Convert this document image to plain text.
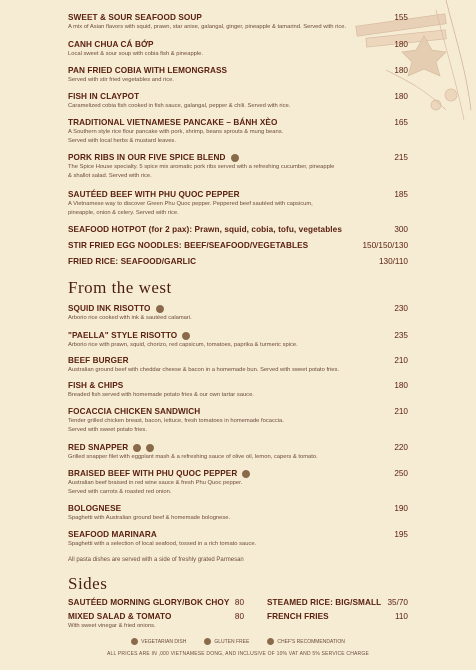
SWEET & SOUR SEAFOOD SOUP	155
A mix of Asian flavors with squid, prawn, star anise, galangal, ginger, pineapple & tamarind. Served with rice.
CANH CHUA CÁ BỚP	180
Local sweet & sour soup with cobia fish & pineapple.
PAN FRIED COBIA WITH LEMONGRASS	180
Served with stir fried vegetables and rice.
FISH IN CLAYPOT	180
Caramelized cobia fish cooked in fish sauce, galangal, pepper & chili. Served with rice.
TRADITIONAL VIETNAMESE PANCAKE – BÁNH XÈO	165
A Southern style rice flour pancake with pork, shrimp, beans sprouts & mung beans.
Served with local herbs & mustard leaves.
PORK RIBS IN OUR FIVE SPICE BLEND	215
The Spice House specialty. 5 spice mix aromatic pork ribs served with a refreshing cucumber, pineapple
& shallot salad. Served with rice.
SAUTÉED BEEF WITH PHU QUOC PEPPER	185
A Vietnamese way to discover Green Phu Quoc pepper. Peppered beef sautéed with capsicum,
pineapple, onion & celery. Served with rice.
SEAFOOD HOTPOT (for 2 pax): Prawn, squid, cobia, tofu, vegetables	300
STIR FRIED EGG NOODLES: BEEF/SEAFOOD/VEGETABLES	150/150/130
FRIED RICE: SEAFOOD/GARLIC	130/110
From the west
SQUID INK RISOTTO	230
Arborio rice cooked with ink & sautéed calamari.
"PAELLA" STYLE RISOTTO	235
Arborio rice with prawn, squid, chorizo, red capsicum, tomatoes, paprika & turmeric spice.
BEEF BURGER	210
Australian ground beef with cheddar cheese & bacon in a homemade bun. Served with sweet potato fries.
FISH & CHIPS	180
Breaded fish served with homemade potato fries & our own tartar sauce.
FOCACCIA CHICKEN SANDWICH	210
Tender grilled chicken breast, bacon, lettuce, fresh tomatoes in homemade focaccia.
Served with sweet potato fries.
RED SNAPPER	220
Grilled snapper filet with eggplant mash & a refreshing sauce of olive oil, lemon, capers & tomato.
BRAISED BEEF WITH PHU QUOC PEPPER	250
Australian beef braised in red wine sauce & fresh Phu Quoc pepper.
Served with carrots & roasted red onion.
BOLOGNESE	190
Spaghetti with Australian ground beef & homemade bolognese.
SEAFOOD MARINARA	195
Spaghetti with a selection of local seafood, tossed in a rich tomato sauce.
All pasta dishes are served with a side of freshly grated Parmesan
Sides
SAUTÉED MORNING GLORY/BOK CHOY 80
MIXED SALAD & TOMATO	80
With sweet vinegar & fried onions.
STEAMED RICE: BIG/SMALL 35/70
FRENCH FRIES	110
VEGETARIAN DISH	GLUTEN FREE	CHEF'S RECOMMENDATION
ALL PRICES ARE IN ,000 VIETNAMESE DONG, AND INCLUSIVE OF 10% VAT AND 5% SERVICE CHARGE
